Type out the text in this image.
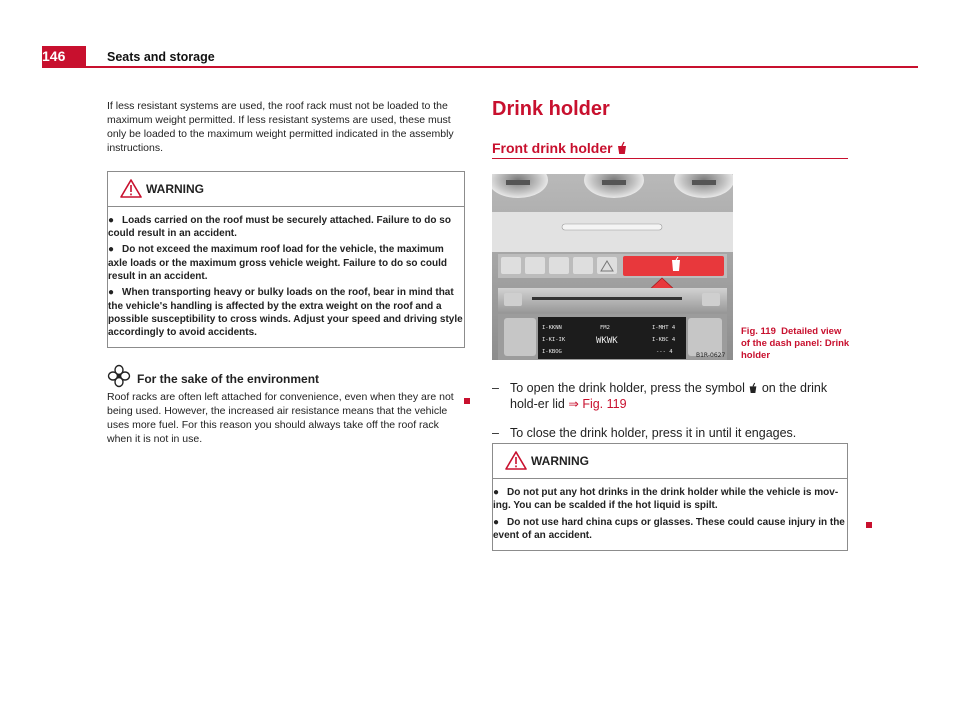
146	Seats and storage

If less resistant systems are used, the roof rack must not be loaded to the maximum weight permitted. If less resistant systems are used, these must only be loaded to the maximum weight permitted indicated in the assembly instructions.

WARNING
● Loads carried on the roof must be securely attached. Failure to do so could result in an accident.
● Do not exceed the maximum roof load for the vehicle, the maximum axle loads or the maximum gross vehicle weight. Failure to do so could result in an accident.
● When transporting heavy or bulky loads on the roof, bear in mind that the vehicle's handling is affected by the extra weight on the roof and a possible susceptibility to cross winds. Adjust your speed and driving style accordingly to avoid accidents.
For the sake of the environment

Roof racks are often left attached for convenience, even when they are not being used. However, the increased air resistance means that the vehicle uses more fuel. For this reason you should always take off the roof rack when it is not in use.

Drink holder
Front drink holder
I-KKNN	FM2	I-MHT 4
I-KI-IK	WKWK	I-KBC 4
I-KBOG	--- 4	B1R-0627
Fig. 119 Detailed view of the dash panel: Drink holder
– To open the drink holder, press the symbol  on the drink hold-er lid ⇒ Fig. 119
– To close the drink holder, press it in until it engages.
WARNING
● Do not put any hot drinks in the drink holder while the vehicle is mov-ing. You can be scalded if the hot liquid is spilt.
● Do not use hard china cups or glasses. These could cause injury in the event of an accident.
